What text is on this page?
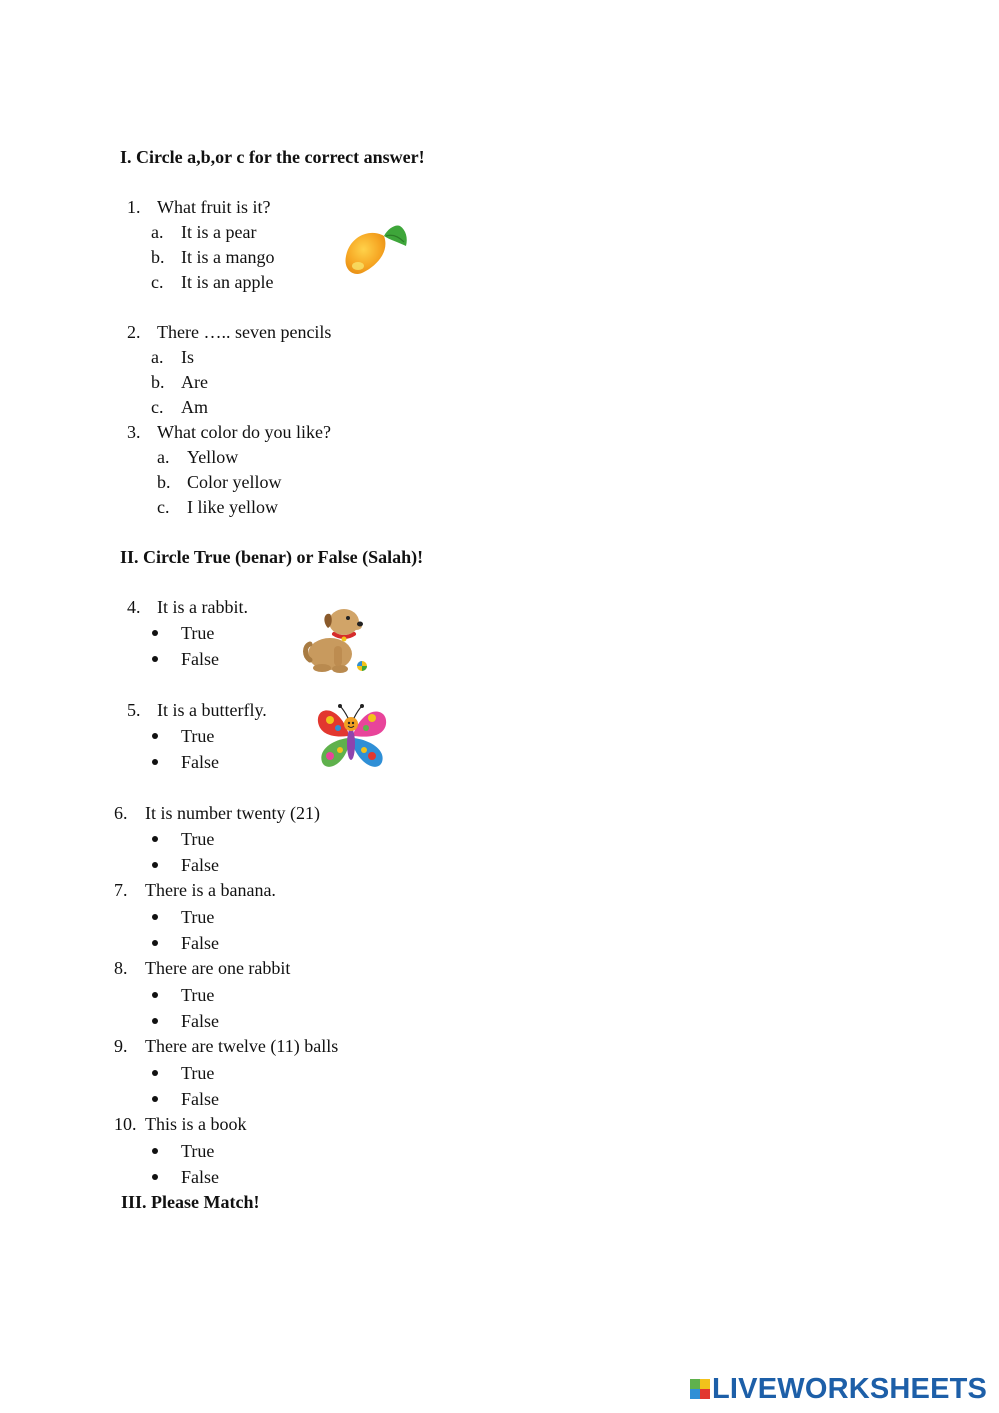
I. Circle a,b,or c for the correct answer!
1. What fruit is it?
a. It is a pear
b. It is a mango
c. It is an apple
2. There ….. seven pencils
a. Is
b. Are
c. Am
3. What color do you like?
a. Yellow
b. Color yellow
c. I like yellow
II. Circle True (benar) or False (Salah)!
4. It is a rabbit.
True
False
5. It is a butterfly.
True
False
6. It is number twenty (21)
True
False
7. There is a banana.
True
False
8. There are one rabbit
True
False
9. There are twelve (11) balls
True
False
10. This is a book
True
False
III. Please Match!
LIVEWORKSHEETS
